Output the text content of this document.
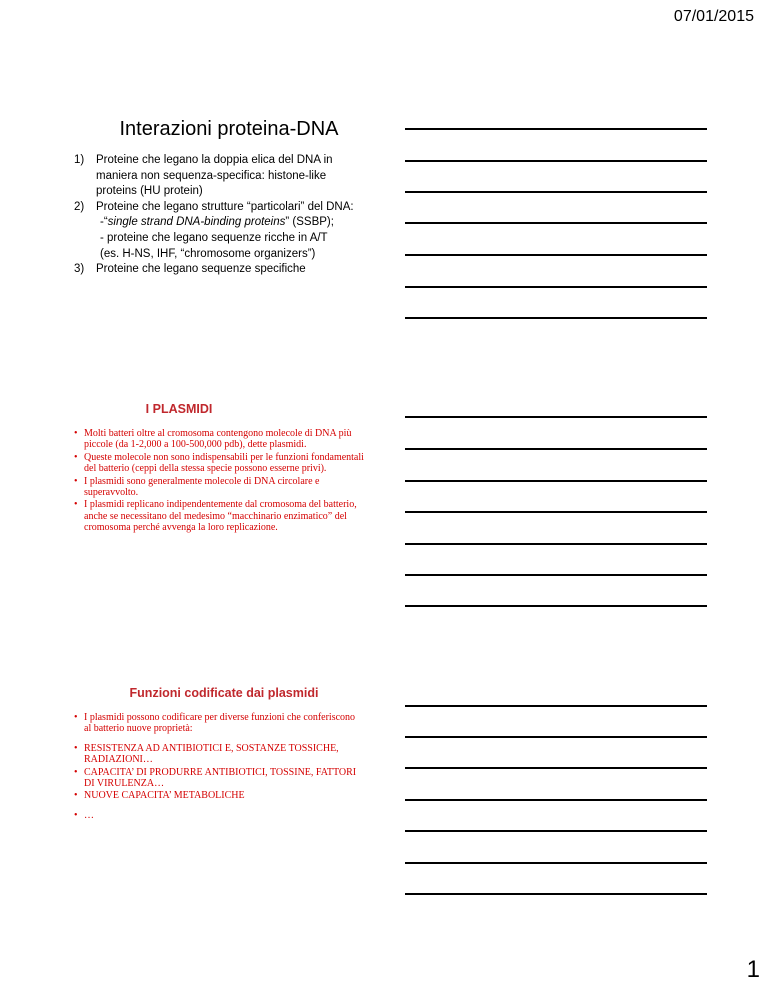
07/01/2015
Interazioni proteina-DNA
1) Proteine che legano la doppia elica del DNA in maniera non sequenza-specifica: histone-like proteins (HU protein)
2) Proteine che legano strutture “particolari” del DNA:
-“single strand DNA-binding proteins” (SSBP);
- proteine che legano sequenze ricche in A/T
(es. H-NS, IHF, “chromosome organizers”)
3) Proteine che legano sequenze specifiche
I PLASMIDI
• Molti batteri oltre al cromosoma contengono molecole di DNA più piccole (da 1-2,000 a 100-500,000 pdb), dette plasmidi.
• Queste molecole non sono indispensabili per le funzioni fondamentali del batterio (ceppi della stessa specie possono esserne privi).
• I plasmidi sono generalmente molecole di DNA circolare e superavvolto.
• I plasmidi replicano indipendentemente dal cromosoma del batterio, anche se necessitano del medesimo “macchinario enzimatico” del cromosoma perché avvenga la loro replicazione.
Funzioni codificate dai plasmidi
• I plasmidi possono codificare per diverse funzioni che conferiscono al batterio nuove proprietà:
• RESISTENZA AD ANTIBIOTICI E, SOSTANZE TOSSICHE, RADIAZIONI…
• CAPACITA’ DI PRODURRE ANTIBIOTICI, TOSSINE, FATTORI DI VIRULENZA…
• NUOVE CAPACITA’ METABOLICHE
• …
1
